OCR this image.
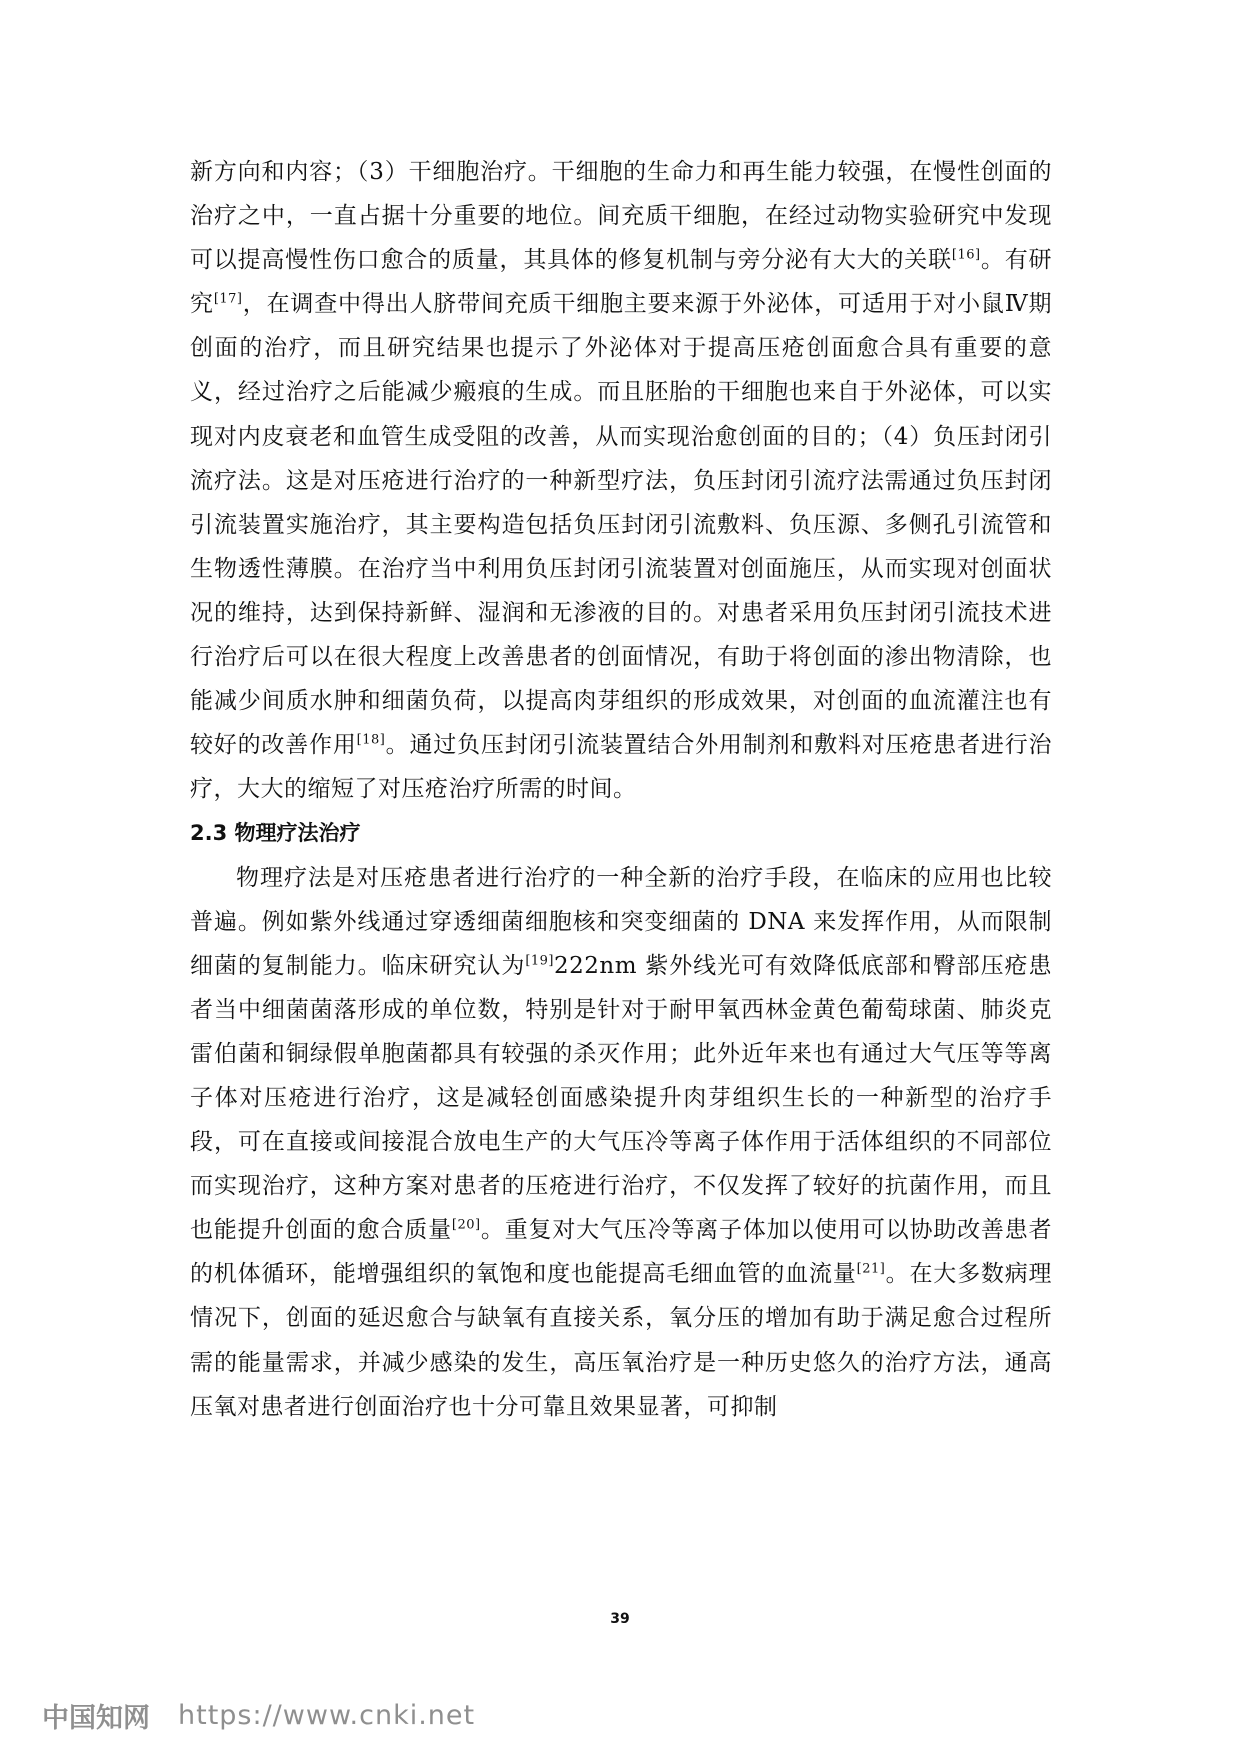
新方向和内容；（3）干细胞治疗。干细胞的生命力和再生能力较强，在慢性创面的治疗之中，一直占据十分重要的地位。间充质干细胞，在经过动物实验研究中发现可以提高慢性伤口愈合的质量，其具体的修复机制与旁分泌有大大的关联[16]。有研究[17]，在调查中得出人脐带间充质干细胞主要来源于外泌体，可适用于对小鼠Ⅳ期创面的治疗，而且研究结果也提示了外泌体对于提高压疮创面愈合具有重要的意义，经过治疗之后能减少瘢痕的生成。而且胚胎的干细胞也来自于外泌体，可以实现对内皮衰老和血管生成受阻的改善，从而实现治愈创面的目的；（4）负压封闭引流疗法。这是对压疮进行治疗的一种新型疗法，负压封闭引流疗法需通过负压封闭引流装置实施治疗，其主要构造包括负压封闭引流敷料、负压源、多侧孔引流管和生物透性薄膜。在治疗当中利用负压封闭引流装置对创面施压，从而实现对创面状况的维持，达到保持新鲜、湿润和无渗液的目的。对患者采用负压封闭引流技术进行治疗后可以在很大程度上改善患者的创面情况，有助于将创面的渗出物清除，也能减少间质水肿和细菌负荷，以提高肉芽组织的形成效果，对创面的血流灌注也有较好的改善作用[18]。通过负压封闭引流装置结合外用制剂和敷料对压疮患者进行治疗，大大的缩短了对压疮治疗所需的时间。

2.3 物理疗法治疗

物理疗法是对压疮患者进行治疗的一种全新的治疗手段，在临床的应用也比较普遍。例如紫外线通过穿透细菌细胞核和突变细菌的 DNA 来发挥作用，从而限制细菌的复制能力。临床研究认为[19]222nm 紫外线光可有效降低底部和臀部压疮患者当中细菌菌落形成的单位数，特别是针对于耐甲氧西林金黄色葡萄球菌、肺炎克雷伯菌和铜绿假单胞菌都具有较强的杀灭作用；此外近年来也有通过大气压等等离子体对压疮进行治疗，这是减轻创面感染提升肉芽组织生长的一种新型的治疗手段，可在直接或间接混合放电生产的大气压冷等离子体作用于活体组织的不同部位而实现治疗，这种方案对患者的压疮进行治疗，不仅发挥了较好的抗菌作用，而且也能提升创面的愈合质量[20]。重复对大气压冷等离子体加以使用可以协助改善患者的机体循环，能增强组织的氧饱和度也能提高毛细血管的血流量[21]。在大多数病理情况下，创面的延迟愈合与缺氧有直接关系，氧分压的增加有助于满足愈合过程所需的能量需求，并减少感染的发生，高压氧治疗是一种历史悠久的治疗方法，通高压氧对患者进行创面治疗也十分可靠且效果显著，可抑制

39
中国知网 https://www.cnki.net
